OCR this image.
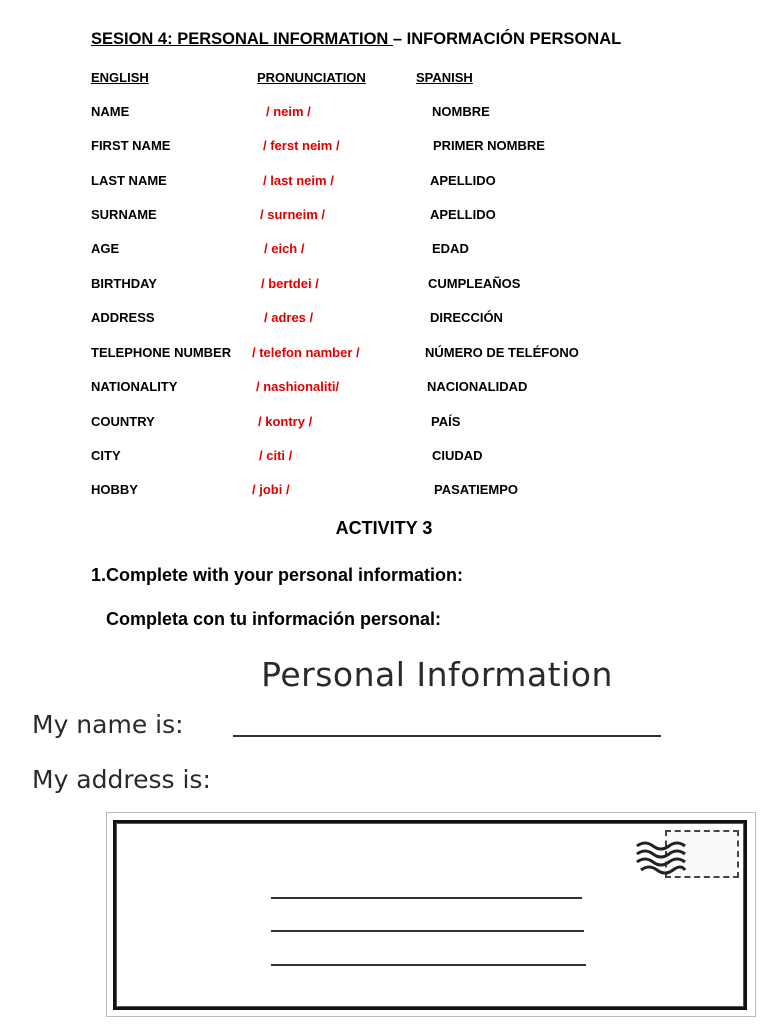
SESION 4: PERSONAL INFORMATION – INFORMACIÓN PERSONAL
ENGLISH	PRONUNCIATION	SPANISH
NAME	/ neim /	NOMBRE
FIRST NAME	/ ferst neim /	PRIMER NOMBRE
LAST NAME	/ last neim /	APELLIDO
SURNAME	/ surneim /	APELLIDO
AGE	/ eich /	EDAD
BIRTHDAY	/ bertdei /	CUMPLEAÑOS
ADDRESS	/ adres /	DIRECCIÓN
TELEPHONE NUMBER / telefon namber /	NÚMERO DE TELÉFONO
NATIONALITY	/ nashionaliti/	NACIONALIDAD
COUNTRY	/ kontry /	PAÍS
CITY	/ citi /	CIUDAD
HOBBY	/ jobi /	PASATIEMPO
ACTIVITY 3
1.Complete with your personal information:
Completa con tu información personal:
Personal Information
My name is:
My address is:
